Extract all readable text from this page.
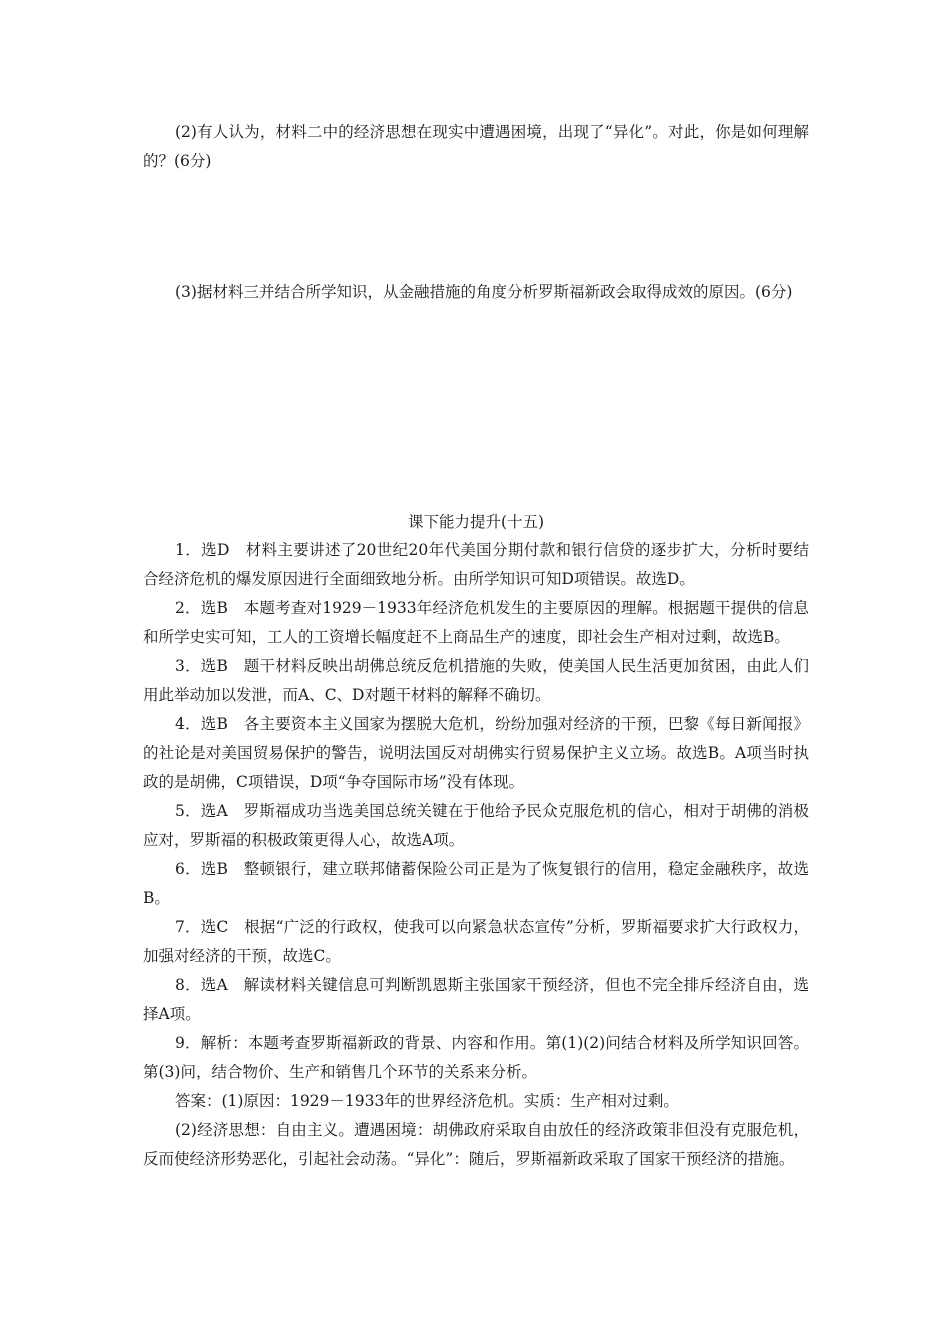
(2)有人认为，材料二中的经济思想在现实中遭遇困境，出现了“异化”。对此，你是如何理解的？(6分)

(3)据材料三并结合所学知识，从金融措施的角度分析罗斯福新政会取得成效的原因。(6分)

课下能力提升(十五)

1．选D　材料主要讲述了20世纪20年代美国分期付款和银行信贷的逐步扩大，分析时要结合经济危机的爆发原因进行全面细致地分析。由所学知识可知D项错误。故选D。

2．选B　本题考查对1929－1933年经济危机发生的主要原因的理解。根据题干提供的信息和所学史实可知，工人的工资增长幅度赶不上商品生产的速度，即社会生产相对过剩，故选B。

3．选B　题干材料反映出胡佛总统反危机措施的失败，使美国人民生活更加贫困，由此人们用此举动加以发泄，而A、C、D对题干材料的解释不确切。

4．选B　各主要资本主义国家为摆脱大危机，纷纷加强对经济的干预，巴黎《每日新闻报》的社论是对美国贸易保护的警告，说明法国反对胡佛实行贸易保护主义立场。故选B。A项当时执政的是胡佛，C项错误，D项“争夺国际市场”没有体现。

5．选A　罗斯福成功当选美国总统关键在于他给予民众克服危机的信心，相对于胡佛的消极应对，罗斯福的积极政策更得人心，故选A项。

6．选B　整顿银行，建立联邦储蓄保险公司正是为了恢复银行的信用，稳定金融秩序，故选B。

7．选C　根据“广泛的行政权，使我可以向紧急状态宣传”分析，罗斯福要求扩大行政权力，加强对经济的干预，故选C。

8．选A　解读材料关键信息可判断凯恩斯主张国家干预经济，但也不完全排斥经济自由，选择A项。

9．解析：本题考查罗斯福新政的背景、内容和作用。第(1)(2)问结合材料及所学知识回答。第(3)问，结合物价、生产和销售几个环节的关系来分析。

答案：(1)原因：1929－1933年的世界经济危机。实质：生产相对过剩。

(2)经济思想：自由主义。遭遇困境：胡佛政府采取自由放任的经济政策非但没有克服危机，反而使经济形势恶化，引起社会动荡。“异化”：随后，罗斯福新政采取了国家干预经济的措施。
